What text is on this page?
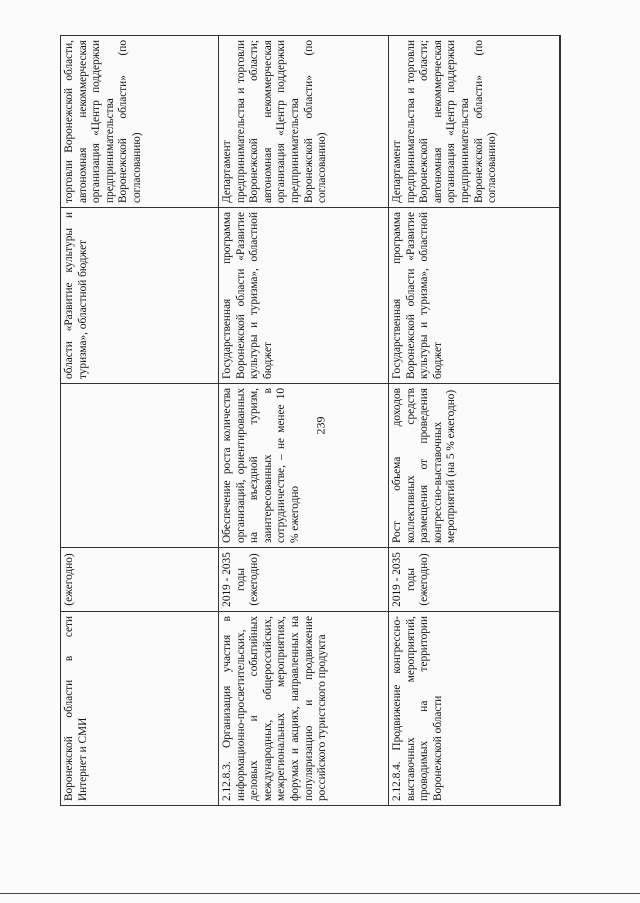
239
Воронежской области в сети Интернет и СМИ	(ежегодно)		области «Развитие культуры и туризма», областной бюджет	торговли Воронежской области, автономная некоммерческая организация «Центр поддержки предпринимательства Воронежской области» (по согласованию)
2.12.8.3. Организация участия в информационно-просветительских, деловых и событийных международных, общероссийских, межрегиональных мероприятиях, форумах и акциях, направленных на популяризацию и продвижение российского туристского продукта	2019 - 2035 годы (ежегодно)	Обеспечение роста количества организаций, ориентированных на въездной туризм, заинтересованных в сотрудничестве, – не менее 10 % ежегодно	Государственная программа Воронежской области «Развитие культуры и туризма», областной бюджет	Департамент предпринимательства и торговли Воронежской области; автономная некоммерческая организация «Центр поддержки предпринимательства Воронежской области» (по согласованию)
2.12.8.4. Продвижение конгрессно-выставочных мероприятий, проводимых на территории Воронежской области	2019 - 2035 годы (ежегодно)	Рост объема доходов коллективных средств размещения от проведения конгрессно-выставочных мероприятий (на 5 % ежегодно)	Государственная программа Воронежской области «Развитие культуры и туризма», областной бюджет	Департамент предпринимательства и торговли Воронежской области; автономная некоммерческая организация «Центр поддержки предпринимательства Воронежской области» (по согласованию)
